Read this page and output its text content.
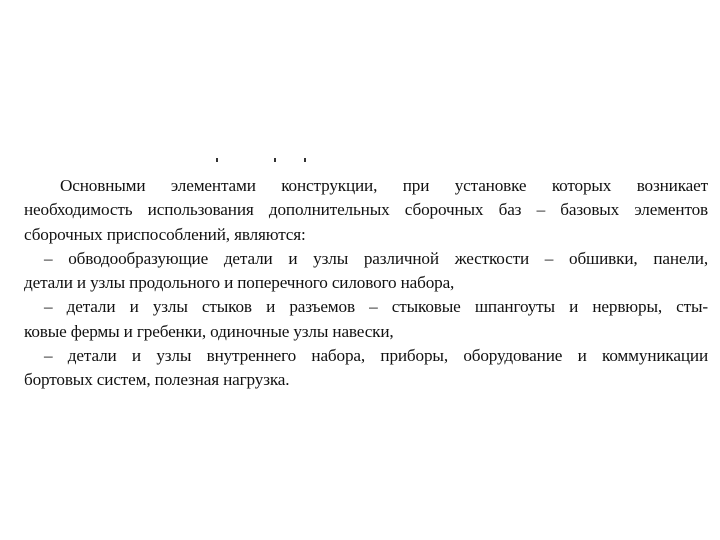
Основными элементами конструкции, при установке которых возникает
необходимость использования дополнительных сборочных баз – базовых элементов
сборочных приспособлений, являются:
– обводообразующие детали и узлы различной жесткости – обшивки, панели,
детали и узлы продольного и поперечного силового набора,
– детали и узлы стыков и разъемов – стыковые шпангоуты и нервюры, сты-
ковые фермы и гребенки, одиночные узлы навески,
– детали и узлы внутреннего набора, приборы, оборудование и коммуникации
бортовых систем, полезная нагрузка.
